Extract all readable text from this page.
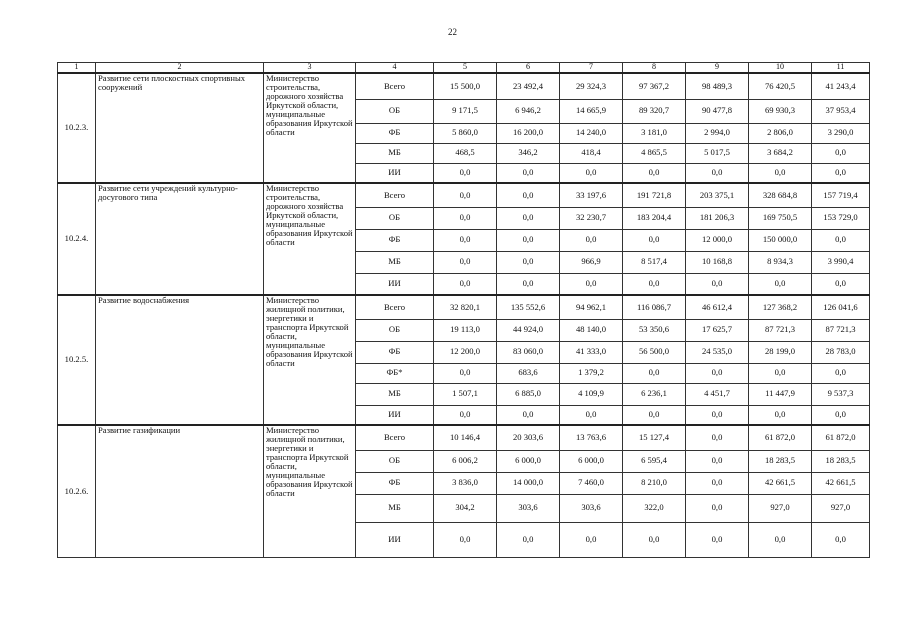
22
1	2	3	4	5	6	7	8	9	10	11
10.2.3.	Развитие сети плоскостных спортивных сооружений	Министерство строительства, дорожного хозяйства Иркутской области, муниципальные образования Иркутской области	Всего	15 500,0	23 492,4	29 324,3	97 367,2	98 489,3	76 420,5	41 243,4
			ОБ	9 171,5	6 946,2	14 665,9	89 320,7	90 477,8	69 930,3	37 953,4
			ФБ	5 860,0	16 200,0	14 240,0	3 181,0	2 994,0	2 806,0	3 290,0
			МБ	468,5	346,2	418,4	4 865,5	5 017,5	3 684,2	0,0
			ИИ	0,0	0,0	0,0	0,0	0,0	0,0	0,0
10.2.4.	Развитие сети учреждений культурно-досугового типа	Министерство строительства, дорожного хозяйства Иркутской области, муниципальные образования Иркутской области	Всего	0,0	0,0	33 197,6	191 721,8	203 375,1	328 684,8	157 719,4
			ОБ	0,0	0,0	32 230,7	183 204,4	181 206,3	169 750,5	153 729,0
			ФБ	0,0	0,0	0,0	0,0	12 000,0	150 000,0	0,0
			МБ	0,0	0,0	966,9	8 517,4	10 168,8	8 934,3	3 990,4
			ИИ	0,0	0,0	0,0	0,0	0,0	0,0	0,0
10.2.5.	Развитие водоснабжения	Министерство жилищной политики, энергетики и транспорта Иркутской области, муниципальные образования Иркутской области	Всего	32 820,1	135 552,6	94 962,1	116 086,7	46 612,4	127 368,2	126 041,6
			ОБ	19 113,0	44 924,0	48 140,0	53 350,6	17 625,7	87 721,3	87 721,3
			ФБ	12 200,0	83 060,0	41 333,0	56 500,0	24 535,0	28 199,0	28 783,0
			ФБ*	0,0	683,6	1 379,2	0,0	0,0	0,0	0,0
			МБ	1 507,1	6 885,0	4 109,9	6 236,1	4 451,7	11 447,9	9 537,3
			ИИ	0,0	0,0	0,0	0,0	0,0	0,0	0,0
10.2.6.	Развитие газификации	Министерство жилищной политики, энергетики и транспорта Иркутской области, муниципальные образования Иркутской области	Всего	10 146,4	20 303,6	13 763,6	15 127,4	0,0	61 872,0	61 872,0
			ОБ	6 006,2	6 000,0	6 000,0	6 595,4	0,0	18 283,5	18 283,5
			ФБ	3 836,0	14 000,0	7 460,0	8 210,0	0,0	42 661,5	42 661,5
			МБ	304,2	303,6	303,6	322,0	0,0	927,0	927,0
			ИИ	0,0	0,0	0,0	0,0	0,0	0,0	0,0
